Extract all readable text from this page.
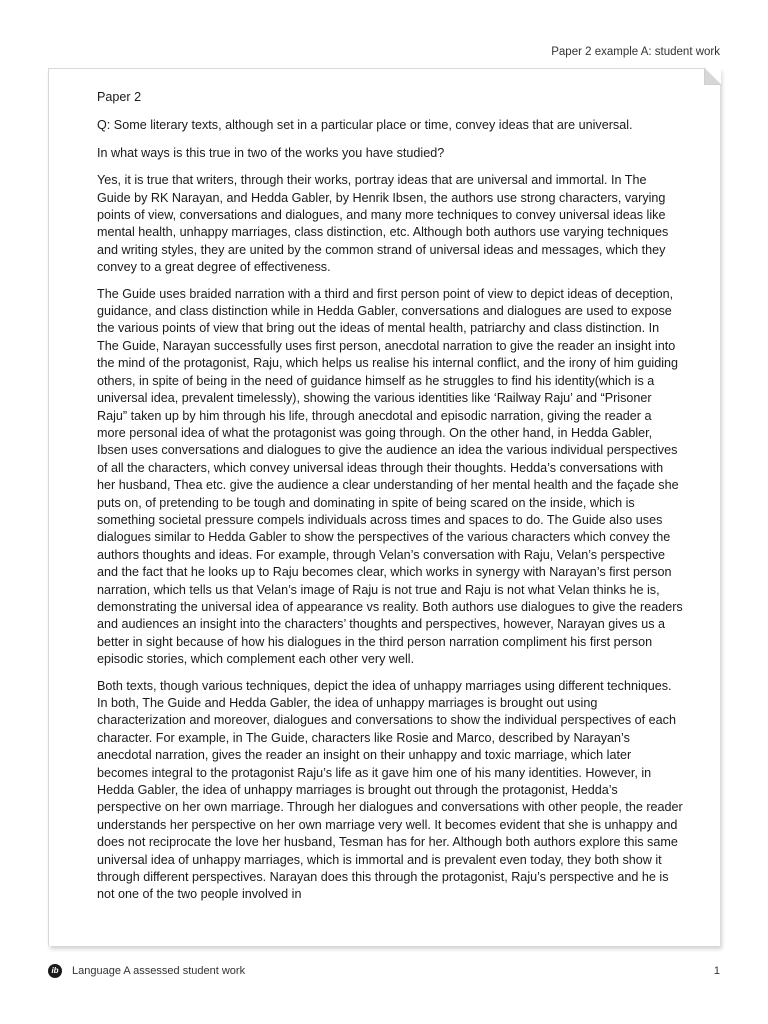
Paper 2 example A: student work

Paper 2

Q: Some literary texts, although set in a particular place or time, convey ideas that are universal.

In what ways is this true in two of the works you have studied?

Yes, it is true that writers, through their works, portray ideas that are universal and immortal. In The Guide by RK Narayan, and Hedda Gabler, by Henrik Ibsen, the authors use strong characters, varying points of view, conversations and dialogues, and many more techniques to convey universal ideas like mental health, unhappy marriages, class distinction, etc. Although both authors use varying techniques and writing styles, they are united by the common strand of universal ideas and messages, which they convey to a great degree of effectiveness.

The Guide uses braided narration with a third and first person point of view to depict ideas of deception, guidance, and class distinction while in Hedda Gabler, conversations and dialogues are used to expose the various points of view that bring out the ideas of mental health, patriarchy and class distinction. In The Guide, Narayan successfully uses first person, anecdotal narration to give the reader an insight into the mind of the protagonist, Raju, which helps us realise his internal conflict, and the irony of him guiding others, in spite of being in the need of guidance himself as he struggles to find his identity(which is a universal idea, prevalent timelessly), showing the various identities like ‘Railway Raju’ and “Prisoner Raju” taken up by him through his life, through anecdotal and episodic narration, giving the reader a more personal idea of what the protagonist was going through. On the other hand, in Hedda Gabler, Ibsen uses conversations and dialogues to give the audience an idea the various individual perspectives of all the characters, which convey universal ideas through their thoughts. Hedda’s conversations with her husband, Thea etc. give the audience a clear understanding of her mental health and the façade she puts on, of pretending to be tough and dominating in spite of being scared on the inside, which is something societal pressure compels individuals across times and spaces to do. The Guide also uses dialogues similar to Hedda Gabler to show the perspectives of the various characters which convey the authors thoughts and ideas. For example, through Velan’s conversation with Raju, Velan’s perspective and the fact that he looks up to Raju becomes clear, which works in synergy with Narayan’s first person narration, which tells us that Velan’s image of Raju is not true and Raju is not what Velan thinks he is, demonstrating the universal idea of appearance vs reality. Both authors use dialogues to give the readers and audiences an insight into the characters’ thoughts and perspectives, however, Narayan gives us a better in sight because of how his dialogues in the third person narration compliment his first person episodic stories, which complement each other very well.

Both texts, though various techniques, depict the idea of unhappy marriages using different techniques. In both, The Guide and Hedda Gabler, the idea of unhappy marriages is brought out using characterization and moreover, dialogues and conversations to show the individual perspectives of each character. For example, in The Guide, characters like Rosie and Marco, described by Narayan’s anecdotal narration, gives the reader an insight on their unhappy and toxic marriage, which later becomes integral to the protagonist Raju’s life as it gave him one of his many identities. However, in Hedda Gabler, the idea of unhappy marriages is brought out through the protagonist, Hedda’s perspective on her own marriage. Through her dialogues and conversations with other people, the reader understands her perspective on her own marriage very well. It becomes evident that she is unhappy and does not reciprocate the love her husband, Tesman has for her. Although both authors explore this same universal idea of unhappy marriages, which is immortal and is prevalent even today, they both show it through different perspectives. Narayan does this through the protagonist, Raju’s perspective and he is not one of the two people involved in

ib	Language A assessed student work	1
